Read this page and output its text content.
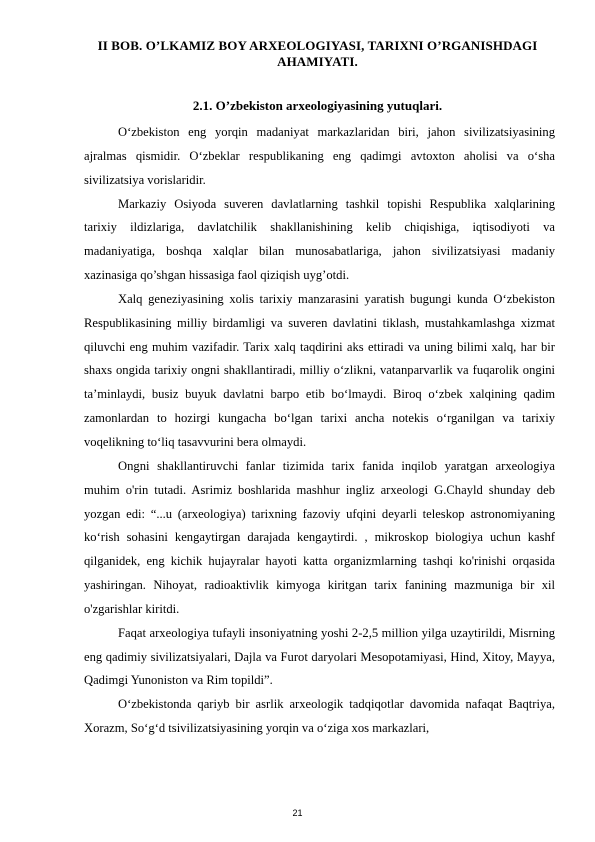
II BOB. O’LKAMIZ BOY ARXEOLOGIYASI, TARIXNI O’RGANISHDAGI AHAMIYATI.
2.1. O’zbekiston arxeologiyasining yutuqlari.

O‘zbekiston eng yorqin madaniyat markazlaridan biri, jahon sivilizatsiyasining ajralmas qismidir. O‘zbeklar respublikaning eng qadimgi avtoxton aholisi va o‘sha sivilizatsiya vorislaridir.

Markaziy Osiyoda suveren davlatlarning tashkil topishi Respublika xalqlarining tarixiy ildizlariga, davlatchilik shakllanishining kelib chiqishiga, iqtisodiyoti va madaniyatiga, boshqa xalqlar bilan munosabatlariga, jahon sivilizatsiyasi madaniy xazinasiga qo’shgan hissasiga faol qiziqish uyg’otdi.

Xalq geneziyasining xolis tarixiy manzarasini yaratish bugungi kunda O‘zbekiston Respublikasining milliy birdamligi va suveren davlatini tiklash, mustahkamlashga xizmat qiluvchi eng muhim vazifadir. Tarix xalq taqdirini aks ettiradi va uning bilimi xalq, har bir shaxs ongida tarixiy ongni shakllantiradi, milliy o‘zlikni, vatanparvarlik va fuqarolik ongini ta’minlaydi, busiz buyuk davlatni barpo etib bo‘lmaydi. Biroq o‘zbek xalqining qadim zamonlardan to hozirgi kungacha bo‘lgan tarixi ancha notekis o‘rganilgan va tarixiy voqelikning to‘liq tasavvurini bera olmaydi.

Ongni shakllantiruvchi fanlar tizimida tarix fanida inqilob yaratgan arxeologiya muhim o'rin tutadi. Asrimiz boshlarida mashhur ingliz arxeologi G.Chayld shunday deb yozgan edi: “...u (arxeologiya) tarixning fazoviy ufqini deyarli teleskop astronomiyaning ko‘rish sohasini kengaytirgan darajada kengaytirdi. , mikroskop biologiya uchun kashf qilganidek, eng kichik hujayralar hayoti katta organizmlarning tashqi ko'rinishi orqasida yashiringan. Nihoyat, radioaktivlik kimyoga kiritgan tarix fanining mazmuniga bir xil o'zgarishlar kiritdi.

Faqat arxeologiya tufayli insoniyatning yoshi 2-2,5 million yilga uzaytirildi, Misrning eng qadimiy sivilizatsiyalari, Dajla va Furot daryolari Mesopotamiyasi, Hind, Xitoy, Mayya, Qadimgi Yunoniston va Rim topildi”.

O‘zbekistonda qariyb bir asrlik arxeologik tadqiqotlar davomida nafaqat Baqtriya, Xorazm, So‘g‘d tsivilizatsiyasining yorqin va o‘ziga xos markazlari,

21
